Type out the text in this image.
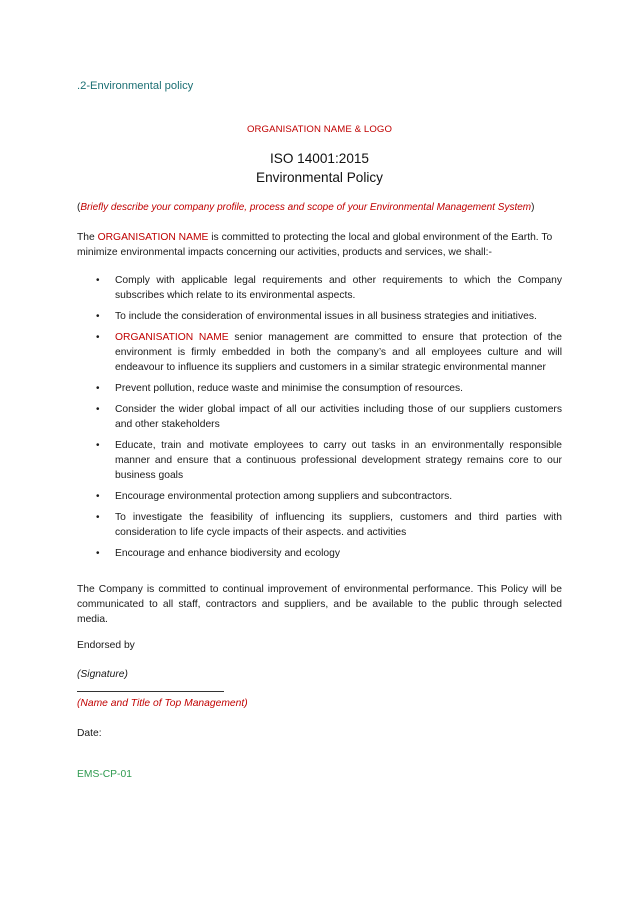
.2-Environmental policy
ORGANISATION NAME & LOGO
ISO 14001:2015
Environmental Policy
(Briefly describe your company profile, process and scope of your Environmental Management System)
The ORGANISATION NAME is committed to protecting the local and global environment of the Earth. To minimize environmental impacts concerning our activities, products and services, we shall:-
• Comply with applicable legal requirements and other requirements to which the Company subscribes which relate to its environmental aspects.
• To include the consideration of environmental issues in all business strategies and initiatives.
• ORGANISATION NAME senior management are committed to ensure that protection of the environment is firmly embedded in both the company’s and all employees culture and will endeavour to influence its suppliers and customers in a similar strategic environmental manner
• Prevent pollution, reduce waste and minimise the consumption of resources.
• Consider the wider global impact of all our activities including those of our suppliers customers and other stakeholders
• Educate, train and motivate employees to carry out tasks in an environmentally responsible manner and ensure that a continuous professional development strategy remains core to our business goals
• Encourage environmental protection among suppliers and subcontractors.
• To investigate the feasibility of influencing its suppliers, customers and third parties with consideration to life cycle impacts of their aspects. and activities
• Encourage and enhance biodiversity and ecology
The Company is committed to continual improvement of environmental performance. This Policy will be communicated to all staff, contractors and suppliers, and be available to the public through selected media.
Endorsed by
(Signature)
(Name and Title of Top Management)
Date:
EMS-CP-01
